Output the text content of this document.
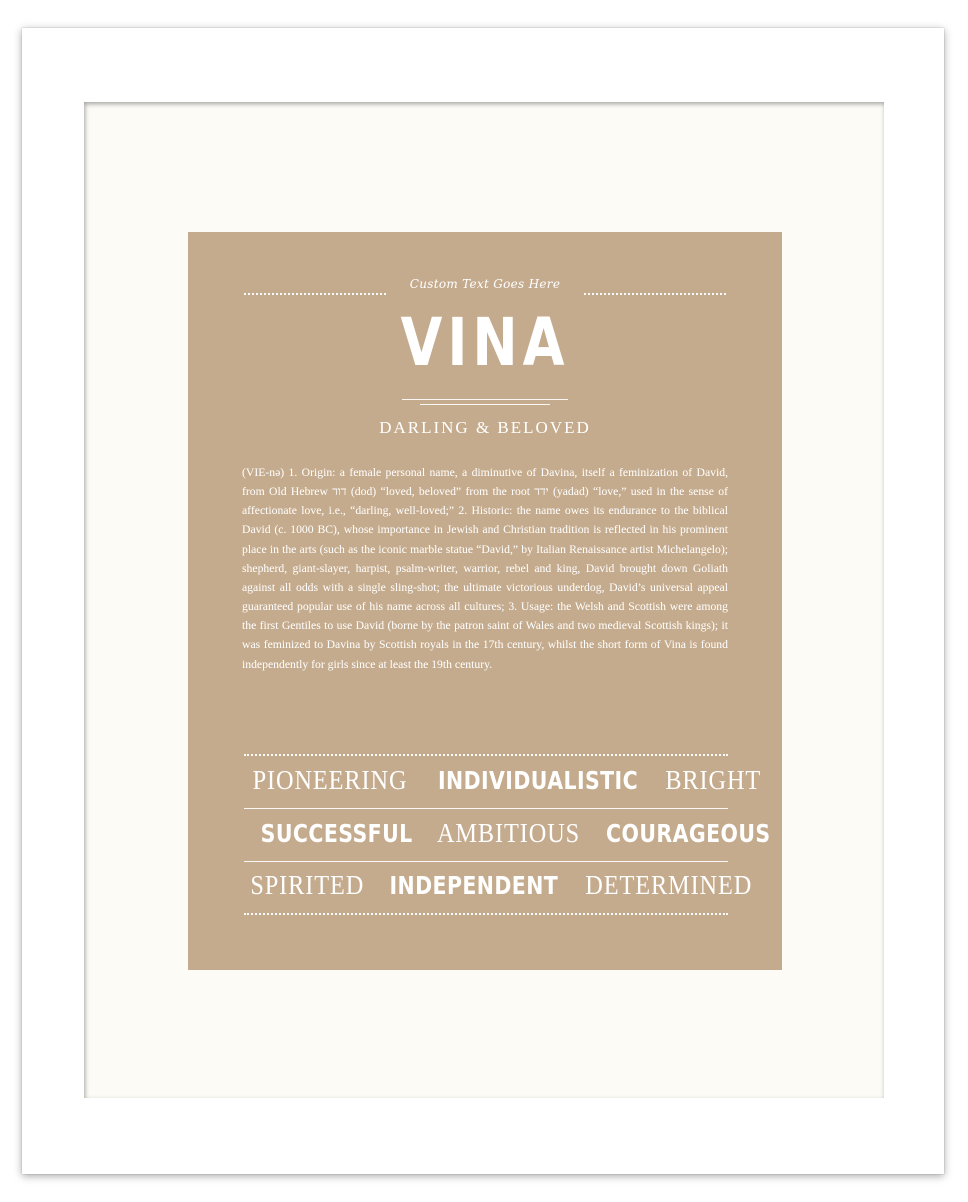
Custom Text Goes Here
VINA
DARLING & BELOVED

(VIE-nə) 1. Origin: a female personal name, a diminutive of Davina, itself a feminization of David, from Old Hebrew דוד (dod) “loved, beloved” from the root ידד (yadad) “love,” used in the sense of affectionate love, i.e., “darling, well-loved;” 2. Historic: the name owes its endurance to the biblical David (c. 1000 BC), whose importance in Jewish and Christian tradition is reflected in his prominent place in the arts (such as the iconic marble statue “David,” by Italian Renaissance artist Michelangelo); shepherd, giant-slayer, harpist, psalm-writer, warrior, rebel and king, David brought down Goliath against all odds with a single sling-shot; the ultimate victorious underdog, David’s universal appeal guaranteed popular use of his name across all cultures; 3. Usage: the Welsh and Scottish were among the first Gentiles to use David (borne by the patron saint of Wales and two medieval Scottish kings); it was feminized to Davina by Scottish royals in the 17th century, whilst the short form of Vina is found independently for girls since at least the 19th century.

PIONEERING INDIVIDUALISTIC BRIGHT
SUCCESSFUL AMBITIOUS COURAGEOUS
SPIRITED INDEPENDENT DETERMINED
